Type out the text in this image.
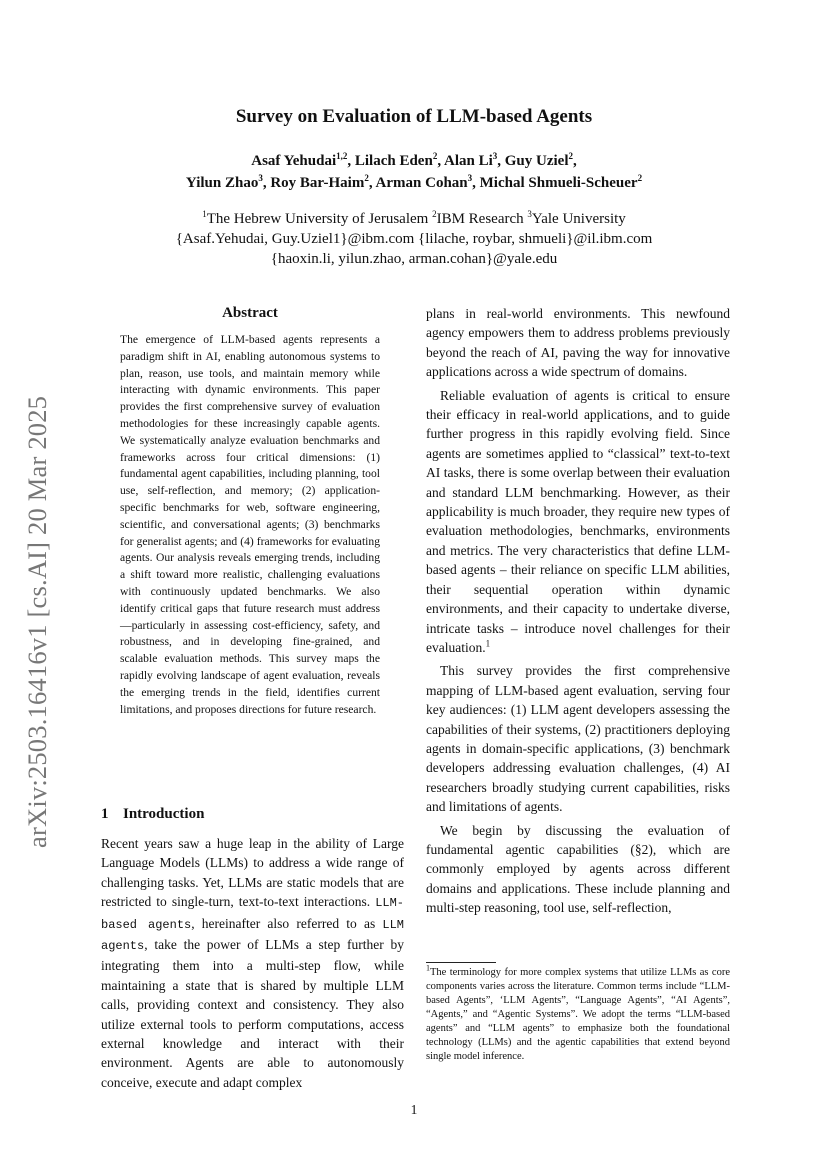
arXiv:2503.16416v1 [cs.AI] 20 Mar 2025
Survey on Evaluation of LLM-based Agents
Asaf Yehudai$^{1,2}$, Lilach Eden$^2$, Alan Li$^3$, Guy Uziel$^2$,
Yilun Zhao$^3$, Roy Bar-Haim$^2$, Arman Cohan$^3$, Michal Shmueli-Scheuer$^2$
$^1$The Hebrew University of Jerusalem $^2$IBM Research $^3$Yale University
{Asaf.Yehudai, Guy.Uziel1}@ibm.com {lilache, roybar, shmueli}@il.ibm.com
{haoxin.li, yilun.zhao, arman.cohan}@yale.edu
Abstract
The emergence of LLM-based agents represents a paradigm shift in AI, enabling autonomous systems to plan, reason, use tools, and maintain memory while interacting with dynamic environments. This paper provides the first comprehensive survey of evaluation methodologies for these increasingly capable agents. We systematically analyze evaluation benchmarks and frameworks across four critical dimensions: (1) fundamental agent capabilities, including planning, tool use, self-reflection, and memory; (2) application-specific benchmarks for web, software engineering, scientific, and conversational agents; (3) benchmarks for generalist agents; and (4) frameworks for evaluating agents. Our analysis reveals emerging trends, including a shift toward more realistic, challenging evaluations with continuously updated benchmarks. We also identify critical gaps that future research must address—particularly in assessing cost-efficiency, safety, and robustness, and in developing fine-grained, and scalable evaluation methods. This survey maps the rapidly evolving landscape of agent evaluation, reveals the emerging trends in the field, identifies current limitations, and proposes directions for future research.
1 Introduction

Recent years saw a huge leap in the ability of Large Language Models (LLMs) to address a wide range of challenging tasks. Yet, LLMs are static models that are restricted to single-turn, text-to-text interactions. LLM-based agents, hereinafter also referred to as LLM agents, take the power of LLMs a step further by integrating them into a multi-step flow, while maintaining a state that is shared by multiple LLM calls, providing context and consistency. They also utilize external tools to perform computations, access external knowledge and interact with their environment. Agents are able to autonomously conceive, execute and adapt complex

plans in real-world environments. This newfound agency empowers them to address problems previously beyond the reach of AI, paving the way for innovative applications across a wide spectrum of domains.

Reliable evaluation of agents is critical to ensure their efficacy in real-world applications, and to guide further progress in this rapidly evolving field. Since agents are sometimes applied to “classical” text-to-text AI tasks, there is some overlap between their evaluation and standard LLM benchmarking. However, as their applicability is much broader, they require new types of evaluation methodologies, benchmarks, environments and metrics. The very characteristics that define LLM-based agents – their reliance on specific LLM abilities, their sequential operation within dynamic environments, and their capacity to undertake diverse, intricate tasks – introduce novel challenges for their evaluation.$^1$

This survey provides the first comprehensive mapping of LLM-based agent evaluation, serving four key audiences: (1) LLM agent developers assessing the capabilities of their systems, (2) practitioners deploying agents in domain-specific applications, (3) benchmark developers addressing evaluation challenges, (4) AI researchers broadly studying current capabilities, risks and limitations of agents.

We begin by discussing the evaluation of fundamental agentic capabilities (§2), which are commonly employed by agents across different domains and applications. These include planning and multi-step reasoning, tool use, self-reflection,

$^1$The terminology for more complex systems that utilize LLMs as core components varies across the literature. Common terms include “LLM-based Agents”, ‘LLM Agents”, “Language Agents”, “AI Agents”, “Agents,” and “Agentic Systems”. We adopt the terms “LLM-based agents” and “LLM agents” to emphasize both the foundational technology (LLMs) and the agentic capabilities that extend beyond single model inference.
1
